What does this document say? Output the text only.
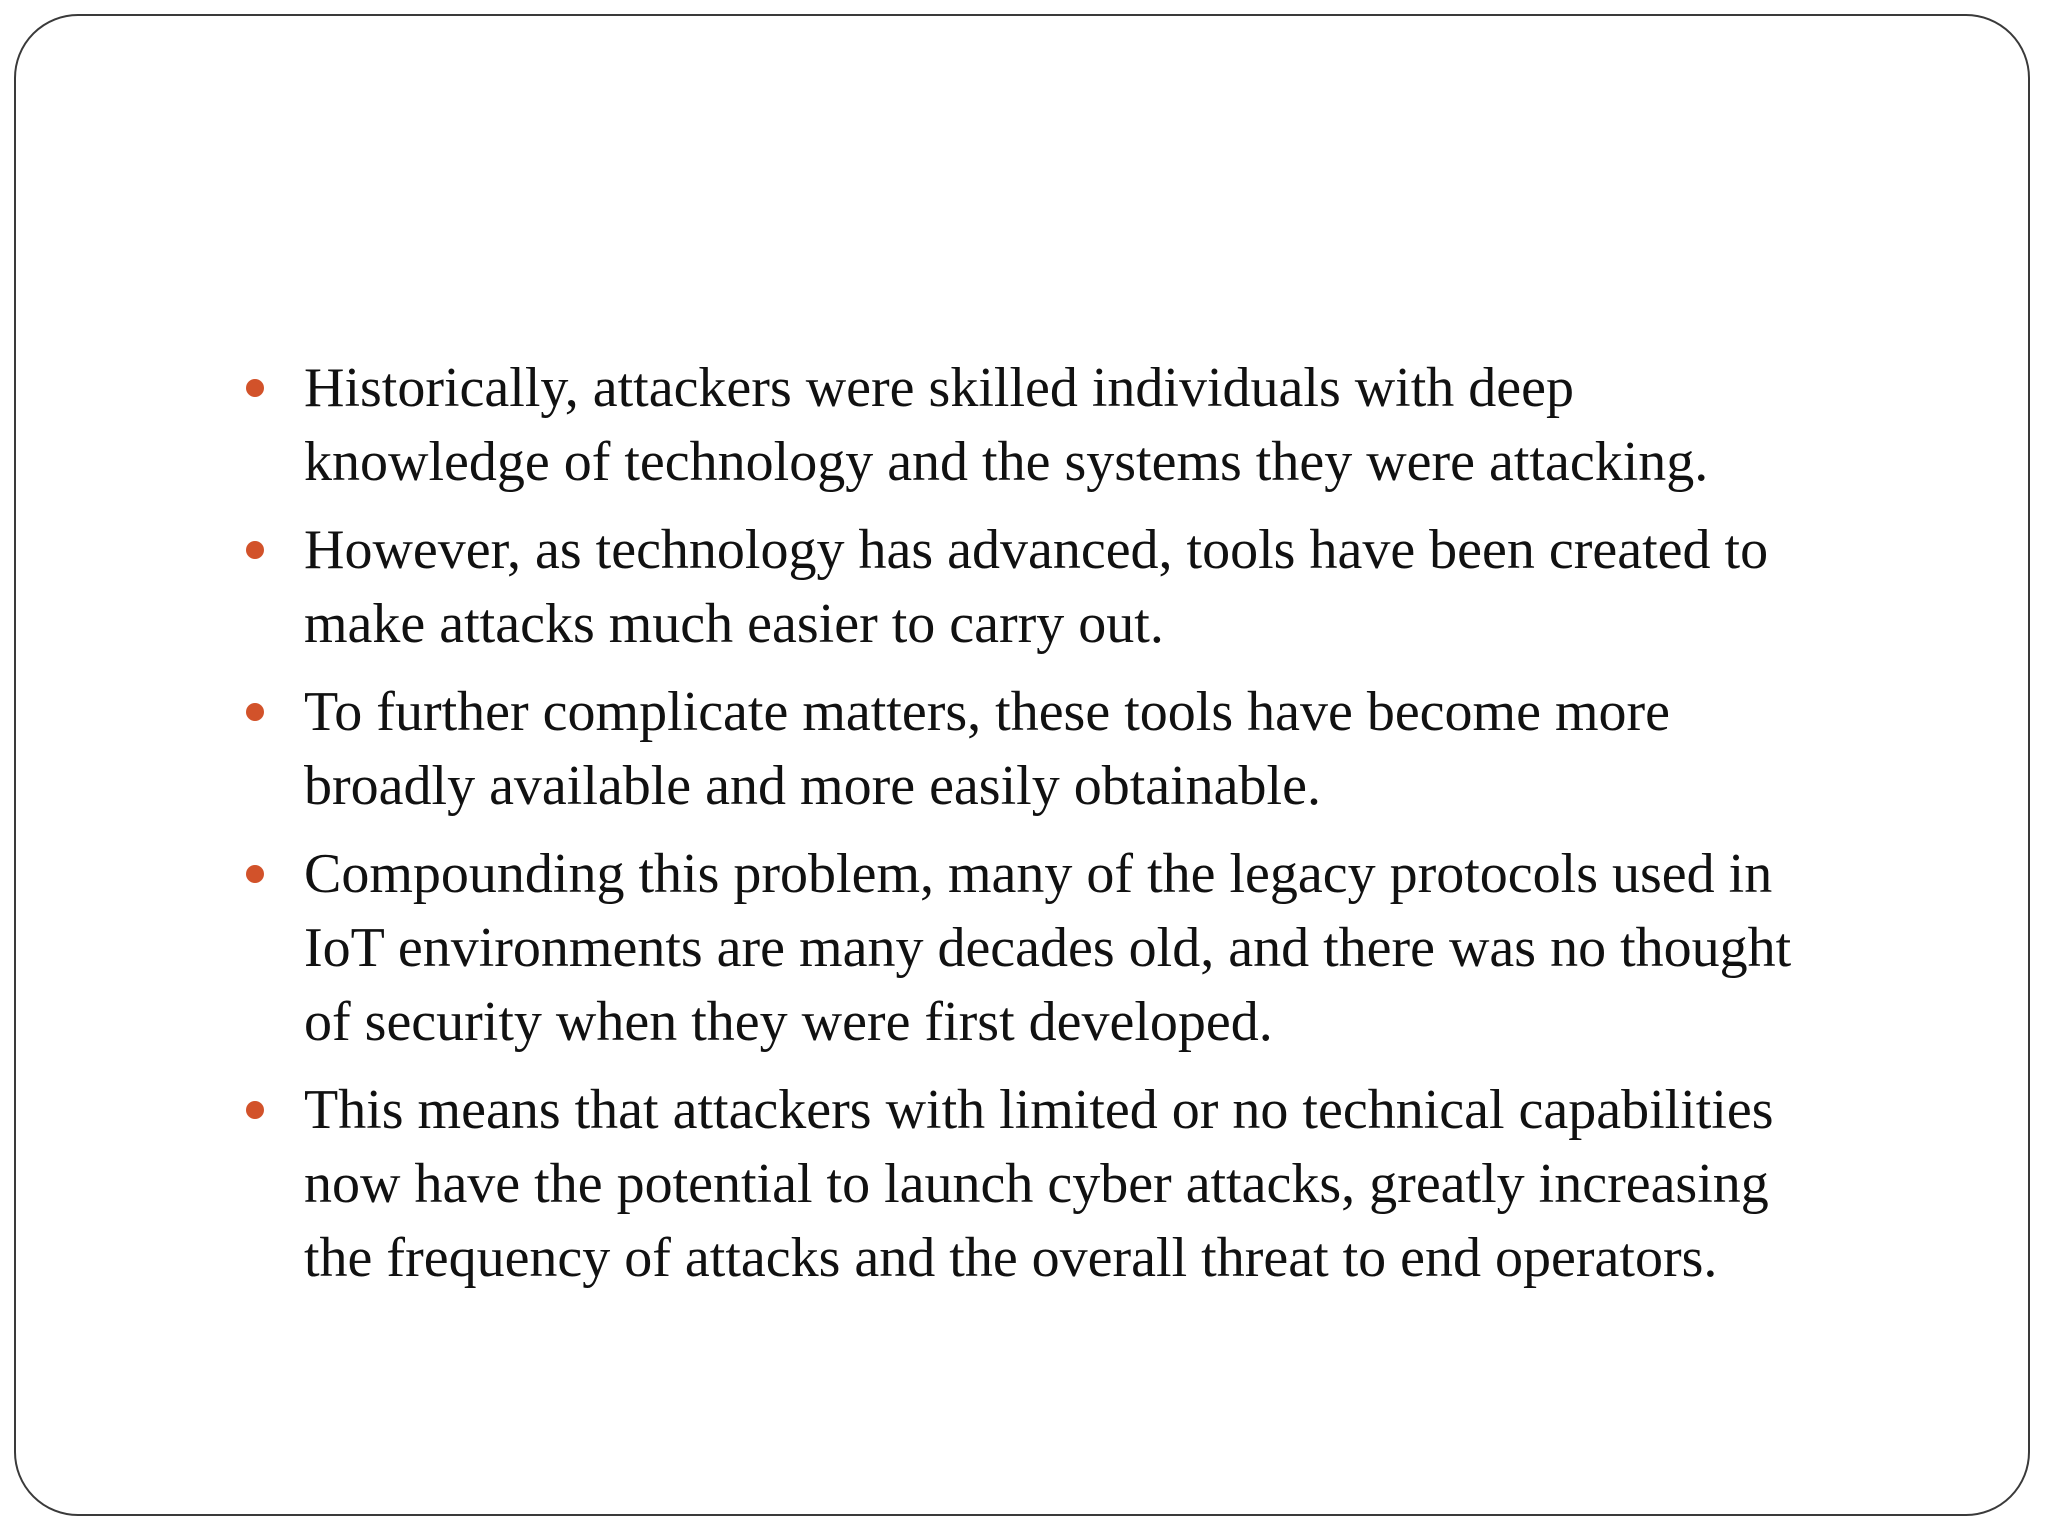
Historically, attackers were skilled individuals with deep
knowledge of technology and the systems they were attacking.
However, as technology has advanced, tools have been created to
make attacks much easier to carry out.
To further complicate matters, these tools have become more
broadly available and more easily obtainable.
Compounding this problem, many of the legacy protocols used in
IoT environments are many decades old, and there was no thought
of security when they were first developed.
This means that attackers with limited or no technical capabilities
now have the potential to launch cyber attacks, greatly increasing
the frequency of attacks and the overall threat to end operators.
